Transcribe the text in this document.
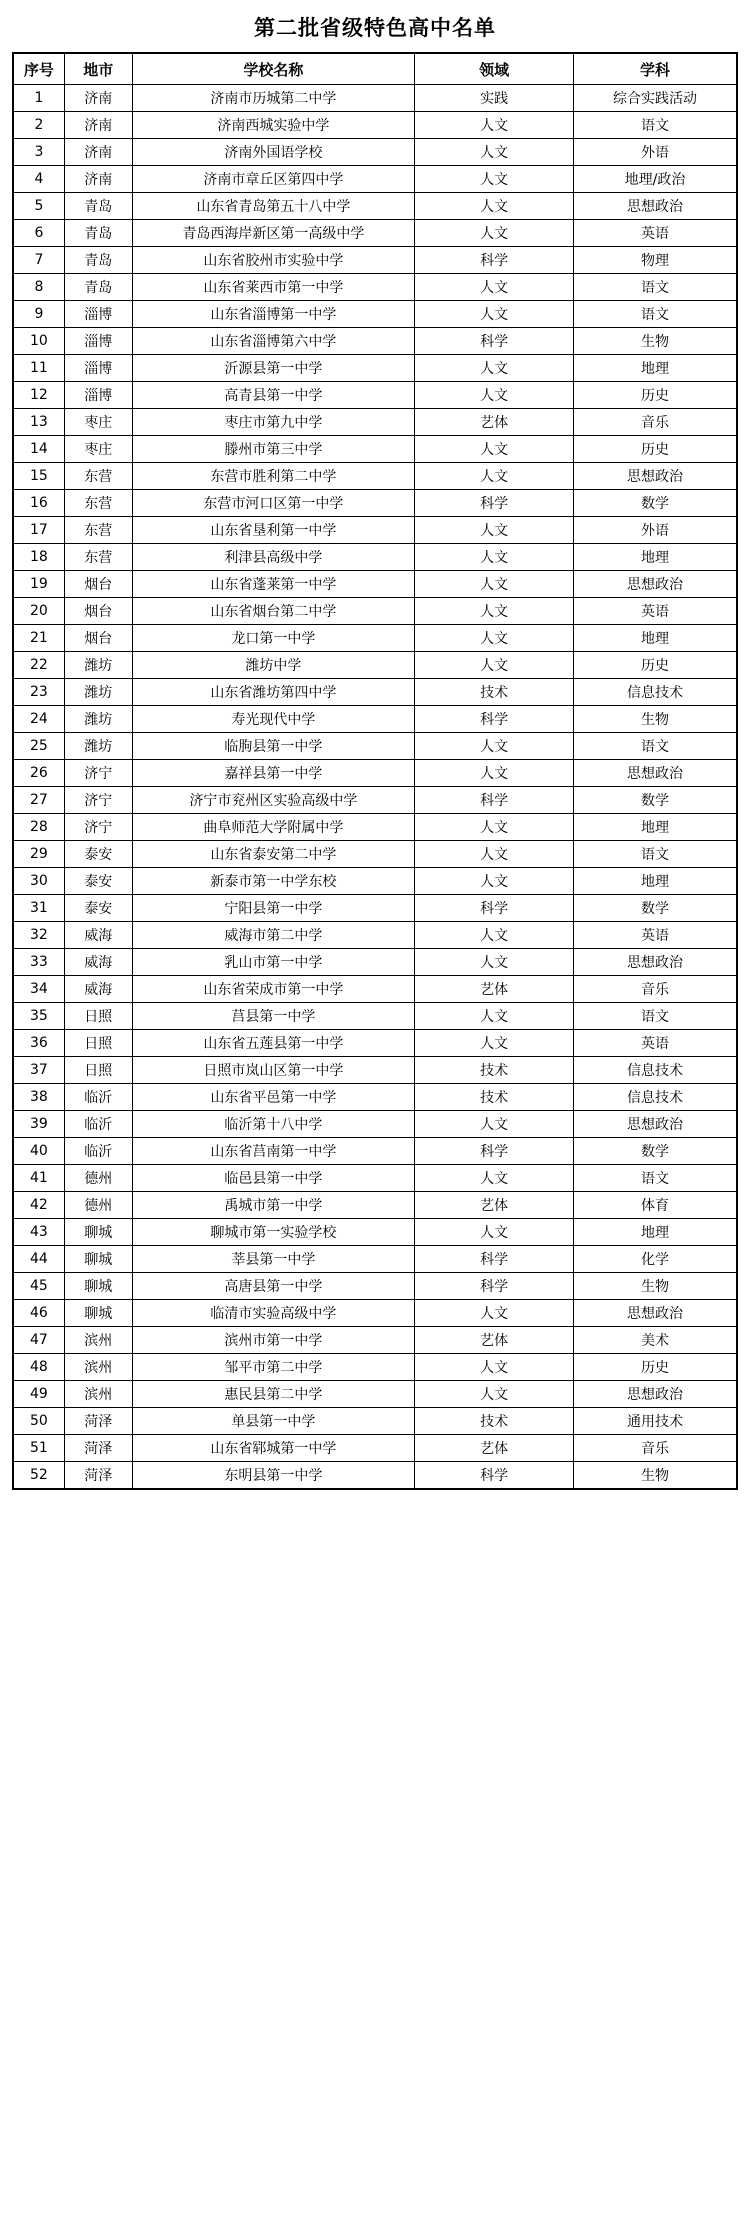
第二批省级特色高中名单
序号	地市	学校名称	领域	学科
1	济南	济南市历城第二中学	实践	综合实践活动
2	济南	济南西城实验中学	人文	语文
3	济南	济南外国语学校	人文	外语
4	济南	济南市章丘区第四中学	人文	地理/政治
5	青岛	山东省青岛第五十八中学	人文	思想政治
6	青岛	青岛西海岸新区第一高级中学	人文	英语
7	青岛	山东省胶州市实验中学	科学	物理
8	青岛	山东省莱西市第一中学	人文	语文
9	淄博	山东省淄博第一中学	人文	语文
10	淄博	山东省淄博第六中学	科学	生物
11	淄博	沂源县第一中学	人文	地理
12	淄博	高青县第一中学	人文	历史
13	枣庄	枣庄市第九中学	艺体	音乐
14	枣庄	滕州市第三中学	人文	历史
15	东营	东营市胜利第二中学	人文	思想政治
16	东营	东营市河口区第一中学	科学	数学
17	东营	山东省垦利第一中学	人文	外语
18	东营	利津县高级中学	人文	地理
19	烟台	山东省蓬莱第一中学	人文	思想政治
20	烟台	山东省烟台第二中学	人文	英语
21	烟台	龙口第一中学	人文	地理
22	潍坊	潍坊中学	人文	历史
23	潍坊	山东省潍坊第四中学	技术	信息技术
24	潍坊	寿光现代中学	科学	生物
25	潍坊	临朐县第一中学	人文	语文
26	济宁	嘉祥县第一中学	人文	思想政治
27	济宁	济宁市兖州区实验高级中学	科学	数学
28	济宁	曲阜师范大学附属中学	人文	地理
29	泰安	山东省泰安第二中学	人文	语文
30	泰安	新泰市第一中学东校	人文	地理
31	泰安	宁阳县第一中学	科学	数学
32	威海	威海市第二中学	人文	英语
33	威海	乳山市第一中学	人文	思想政治
34	威海	山东省荣成市第一中学	艺体	音乐
35	日照	莒县第一中学	人文	语文
36	日照	山东省五莲县第一中学	人文	英语
37	日照	日照市岚山区第一中学	技术	信息技术
38	临沂	山东省平邑第一中学	技术	信息技术
39	临沂	临沂第十八中学	人文	思想政治
40	临沂	山东省莒南第一中学	科学	数学
41	德州	临邑县第一中学	人文	语文
42	德州	禹城市第一中学	艺体	体育
43	聊城	聊城市第一实验学校	人文	地理
44	聊城	莘县第一中学	科学	化学
45	聊城	高唐县第一中学	科学	生物
46	聊城	临清市实验高级中学	人文	思想政治
47	滨州	滨州市第一中学	艺体	美术
48	滨州	邹平市第二中学	人文	历史
49	滨州	惠民县第二中学	人文	思想政治
50	菏泽	单县第一中学	技术	通用技术
51	菏泽	山东省郓城第一中学	艺体	音乐
52	菏泽	东明县第一中学	科学	生物
